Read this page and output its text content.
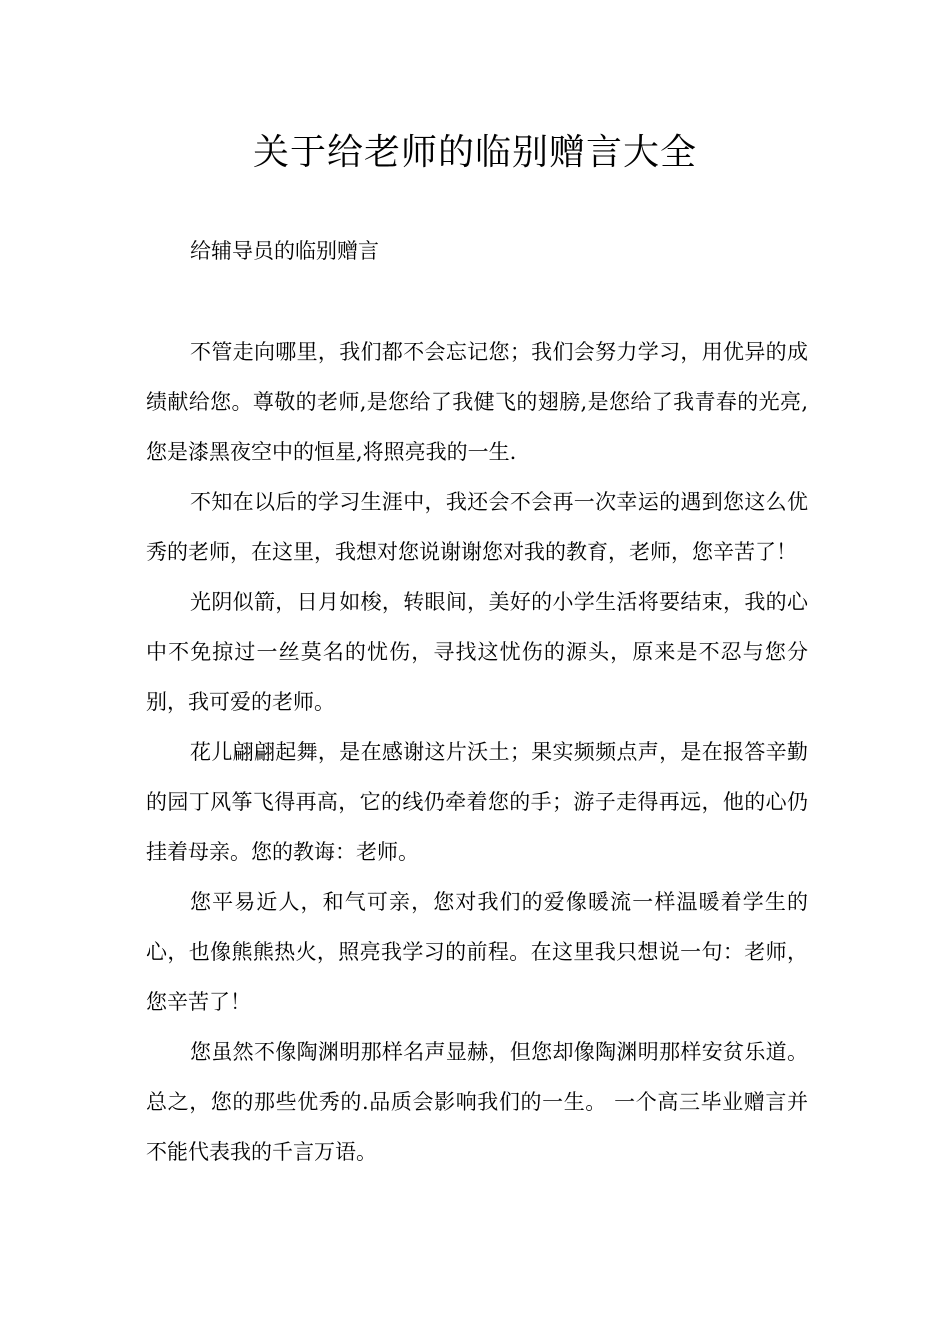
关于给老师的临别赠言大全
给辅导员的临别赠言

不管走向哪里，我们都不会忘记您；我们会努力学习，用优异的成绩献给您。尊敬的老师,是您给了我健飞的翅膀,是您给了我青春的光亮,您是漆黑夜空中的恒星,将照亮我的一生.

不知在以后的学习生涯中，我还会不会再一次幸运的遇到您这么优秀的老师，在这里，我想对您说谢谢您对我的教育，老师，您辛苦了！

光阴似箭，日月如梭，转眼间，美好的小学生活将要结束，我的心中不免掠过一丝莫名的忧伤，寻找这忧伤的源头，原来是不忍与您分别，我可爱的老师。

花儿翩翩起舞，是在感谢这片沃土；果实频频点声，是在报答辛勤的园丁风筝飞得再高，它的线仍牵着您的手；游子走得再远，他的心仍挂着母亲。您的教诲：老师。

您平易近人，和气可亲，您对我们的爱像暖流一样温暖着学生的心，也像熊熊热火，照亮我学习的前程。在这里我只想说一句：老师，您辛苦了！

您虽然不像陶渊明那样名声显赫，但您却像陶渊明那样安贫乐道。总之，您的那些优秀的.品质会影响我们的一生。 一个高三毕业赠言并不能代表我的千言万语。
